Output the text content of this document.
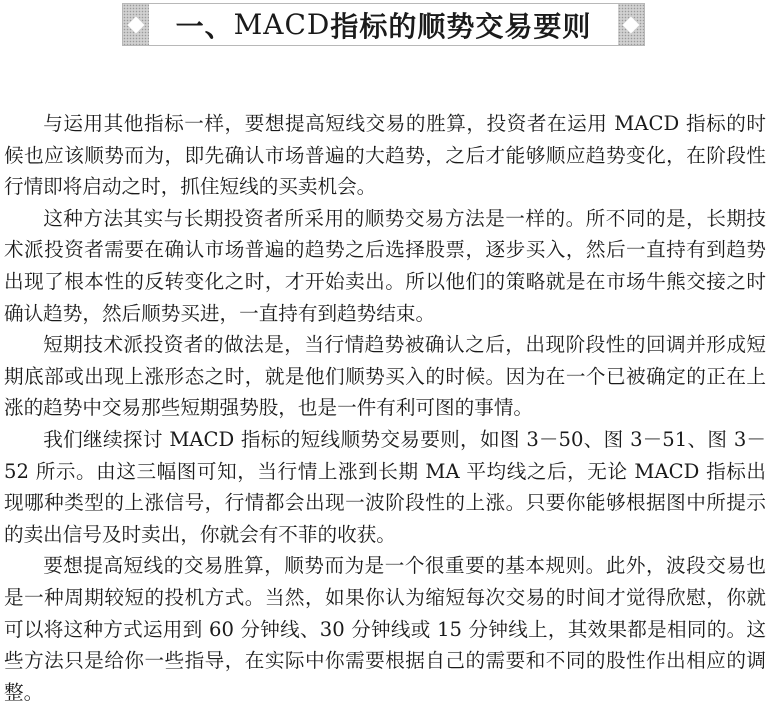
一、 MACD 指标的顺势交易要则

与运用其他指标一样，要想提高短线交易的胜算，投资者在运用 MACD 指标的时候也应该顺势而为，即先确认市场普遍的大趋势，之后才能够顺应趋势变化，在阶段性行情即将启动之时，抓住短线的买卖机会。

这种方法其实与长期投资者所采用的顺势交易方法是一样的。所不同的是，长期技术派投资者需要在确认市场普遍的趋势之后选择股票，逐步买入，然后一直持有到趋势出现了根本性的反转变化之时，才开始卖出。所以他们的策略就是在市场牛熊交接之时确认趋势，然后顺势买进，一直持有到趋势结束。

短期技术派投资者的做法是，当行情趋势被确认之后，出现阶段性的回调并形成短期底部或出现上涨形态之时，就是他们顺势买入的时候。因为在一个已被确定的正在上涨的趋势中交易那些短期强势股，也是一件有利可图的事情。

我们继续探讨 MACD 指标的短线顺势交易要则，如图 3－50、图 3－51、图 3－52 所示。由这三幅图可知，当行情上涨到长期 MA 平均线之后，无论 MACD 指标出现哪种类型的上涨信号，行情都会出现一波阶段性的上涨。只要你能够根据图中所提示的卖出信号及时卖出，你就会有不菲的收获。

要想提高短线的交易胜算，顺势而为是一个很重要的基本规则。此外，波段交易也是一种周期较短的投机方式。当然，如果你认为缩短每次交易的时间才觉得欣慰，你就可以将这种方式运用到 60 分钟线、30 分钟线或 15 分钟线上，其效果都是相同的。这些方法只是给你一些指导，在实际中你需要根据自己的需要和不同的股性作出相应的调整。
